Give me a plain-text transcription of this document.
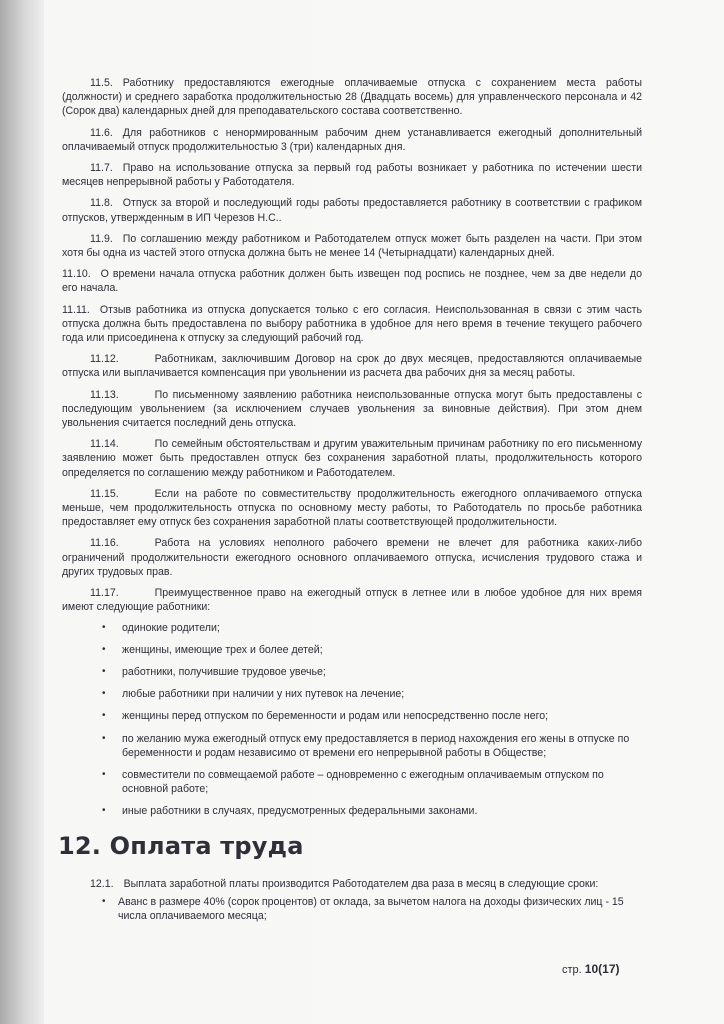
11.5. Работнику предоставляются ежегодные оплачиваемые отпуска с сохранением места работы (должности) и среднего заработка продолжительностью 28 (Двадцать восемь) для управленческого персонала и 42 (Сорок два) календарных дней для преподавательского состава соответственно.

11.6. Для работников с ненормированным рабочим днем устанавливается ежегодный дополнительный оплачиваемый отпуск продолжительностью 3 (три) календарных дня.

11.7. Право на использование отпуска за первый год работы возникает у работника по истечении шести месяцев непрерывной работы у Работодателя.

11.8. Отпуск за второй и последующий годы работы предоставляется работнику в соответствии с графиком отпусков, утвержденным в ИП Черезов Н.С..

11.9. По соглашению между работником и Работодателем отпуск может быть разделен на части. При этом хотя бы одна из частей этого отпуска должна быть не менее 14 (Четырнадцати) календарных дней.

11.10. О времени начала отпуска работник должен быть извещен под роспись не позднее, чем за две недели до его начала.

11.11. Отзыв работника из отпуска допускается только с его согласия. Неиспользованная в связи с этим часть отпуска должна быть предоставлена по выбору работника в удобное для него время в течение текущего рабочего года или присоединена к отпуску за следующий рабочий год.

11.12.	Работникам, заключившим Договор на срок до двух месяцев, предоставляются оплачиваемые отпуска или выплачивается компенсация при увольнении из расчета два рабочих дня за месяц работы.

11.13.	По письменному заявлению работника неиспользованные отпуска могут быть предоставлены с последующим увольнением (за исключением случаев увольнения за виновные действия). При этом днем увольнения считается последний день отпуска.

11.14.	По семейным обстоятельствам и другим уважительным причинам работнику по его письменному заявлению может быть предоставлен отпуск без сохранения заработной платы, продолжительность которого определяется по соглашению между работником и Работодателем.

11.15.	Если на работе по совместительству продолжительность ежегодного оплачиваемого отпуска меньше, чем продолжительность отпуска по основному месту работы, то Работодатель по просьбе работника предоставляет ему отпуск без сохранения заработной платы соответствующей продолжительности.

11.16.	Работа на условиях неполного рабочего времени не влечет для работника каких-либо ограничений продолжительности ежегодного основного оплачиваемого отпуска, исчисления трудового стажа и других трудовых прав.

11.17.	Преимущественное право на ежегодный отпуск в летнее или в любое удобное для них время имеют следующие работники:

• одинокие родители;
• женщины, имеющие трех и более детей;
• работники, получившие трудовое увечье;
• любые работники при наличии у них путевок на лечение;
• женщины перед отпуском по беременности и родам или непосредственно после него;
• по желанию мужа ежегодный отпуск ему предоставляется в период нахождения его жены в отпуске по беременности и родам независимо от времени его непрерывной работы в Обществе;
• совместители по совмещаемой работе – одновременно с ежегодным оплачиваемым отпуском по основной работе;
• иные работники в случаях, предусмотренных федеральными законами.
12. Оплата труда

12.1. Выплата заработной платы производится Работодателем два раза в месяц в следующие сроки:

• Аванс в размере 40% (сорок процентов) от оклада, за вычетом налога на доходы физических лиц - 15 числа оплачиваемого месяца;
стр. 10(17)
